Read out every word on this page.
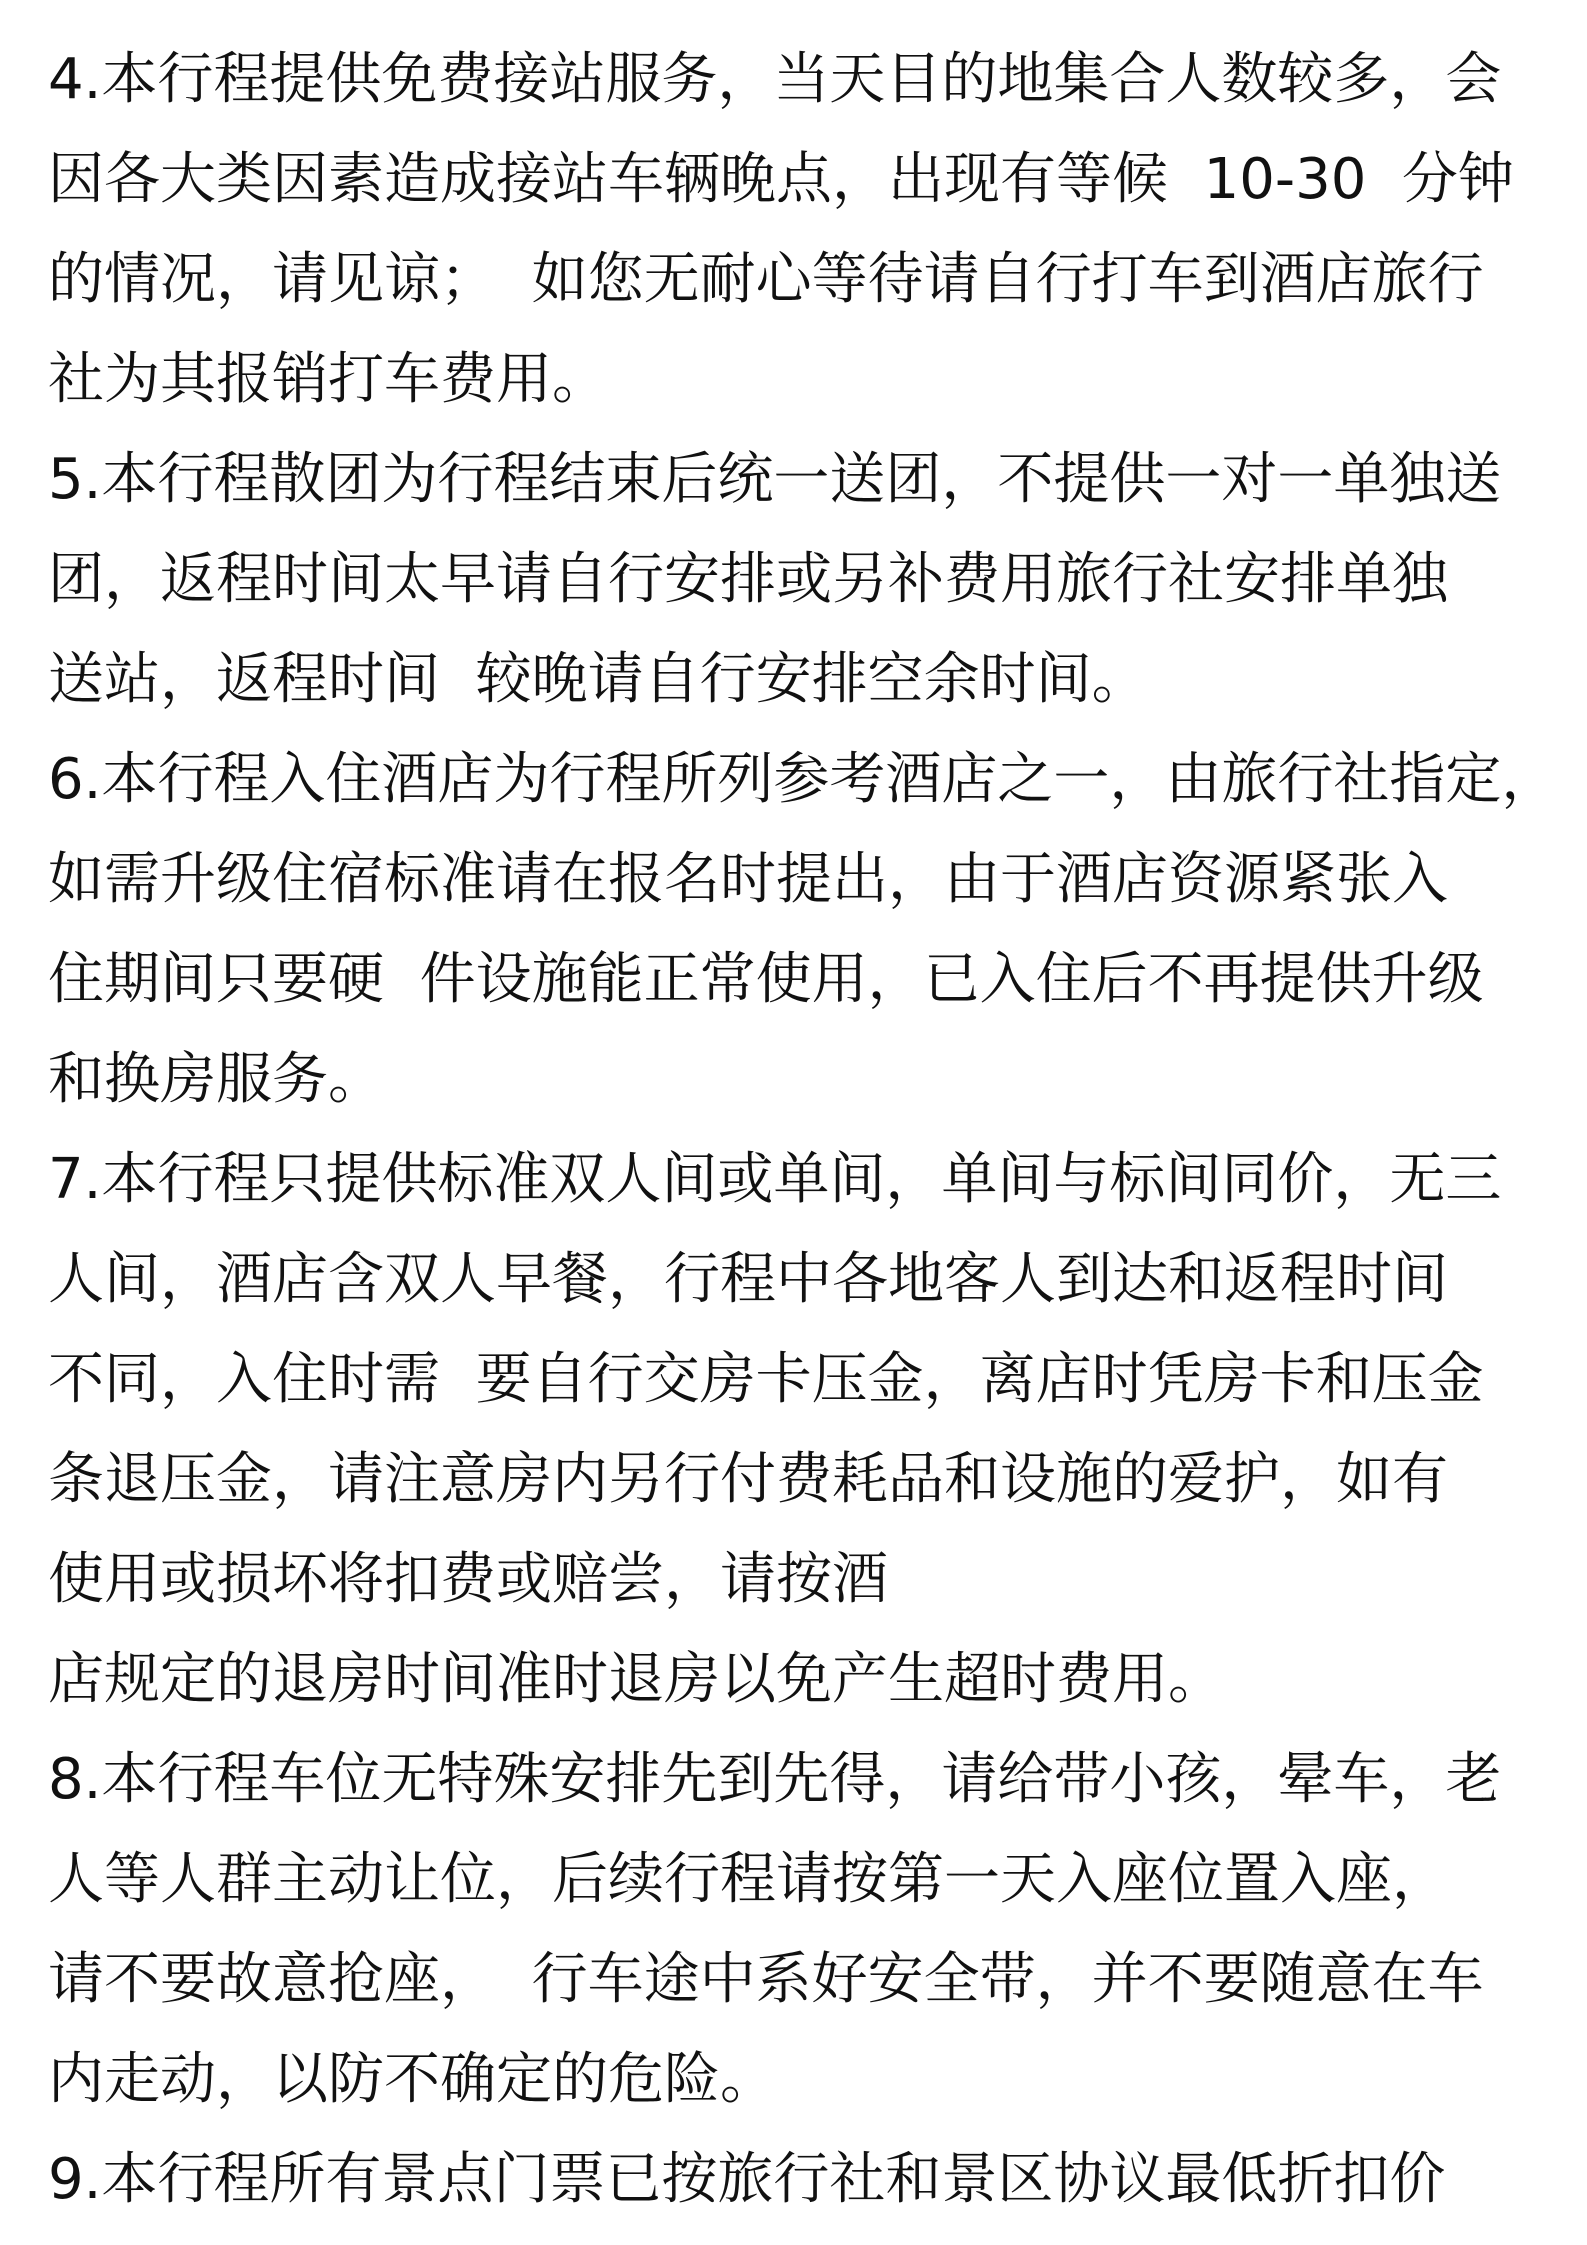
4.本行程提供免费接站服务，当天目的地集合人数较多，会
因各大类因素造成接站车辆晚点，出现有等候  10-30  分钟
的情况，请见谅；  如您无耐心等待请自行打车到酒店旅行
社为其报销打车费用。
5.本行程散团为行程结束后统一送团，不提供一对一单独送
团，返程时间太早请自行安排或另补费用旅行社安排单独
送站，返程时间  较晚请自行安排空余时间。
6.本行程入住酒店为行程所列参考酒店之一，由旅行社指定，
如需升级住宿标准请在报名时提出，由于酒店资源紧张入
住期间只要硬  件设施能正常使用，已入住后不再提供升级
和换房服务。
7.本行程只提供标准双人间或单间，单间与标间同价，无三
人间，酒店含双人早餐，行程中各地客人到达和返程时间
不同，入住时需  要自行交房卡压金，离店时凭房卡和压金
条退压金，请注意房内另行付费耗品和设施的爱护，如有
使用或损坏将扣费或赔尝，请按酒
店规定的退房时间准时退房以免产生超时费用。
8.本行程车位无特殊安排先到先得，请给带小孩，晕车，老
人等人群主动让位，后续行程请按第一天入座位置入座，
请不要故意抢座，  行车途中系好安全带，并不要随意在车
内走动，以防不确定的危险。
9.本行程所有景点门票已按旅行社和景区协议最低折扣价
